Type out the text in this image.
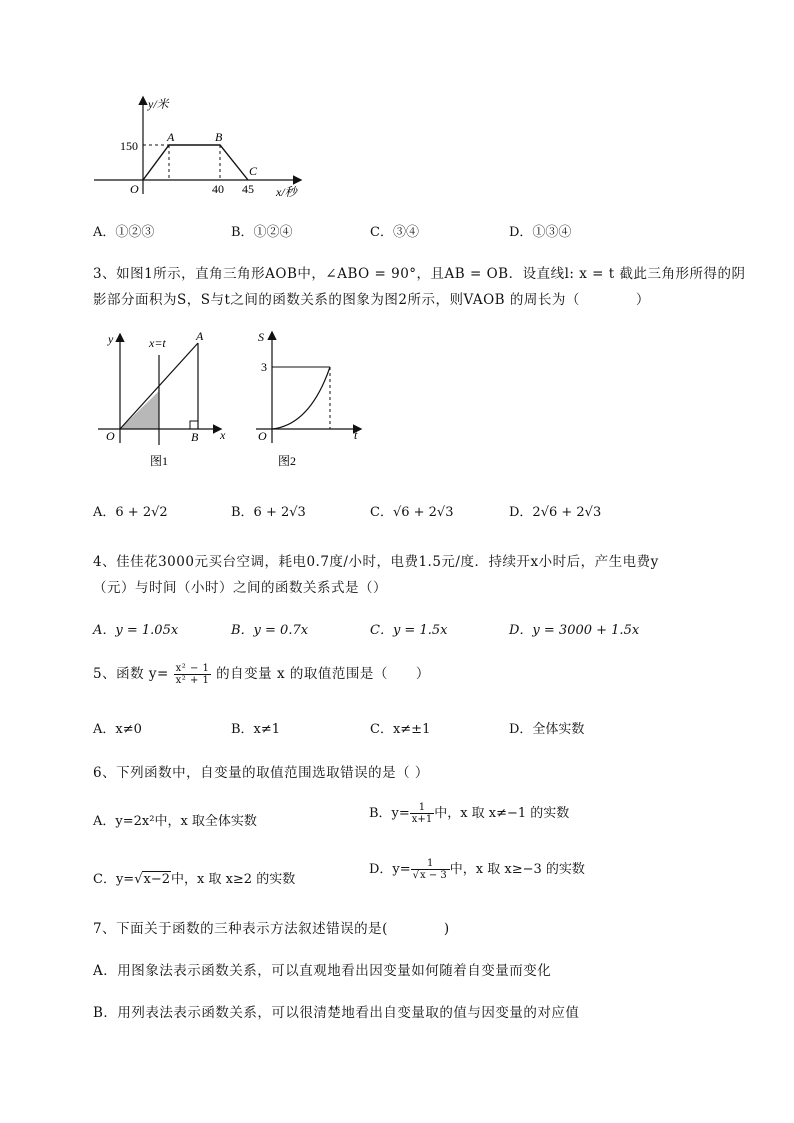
y/米
x/秒
O
A	B
C
150
40 45
A．①②③	B．①②④	C．③④	D．①③④
3、如图1所示，直角三角形AOB中，∠ABO = 90°，且AB = OB．设直线l: x = t 截此三角形所得的阴
影部分面积为S，S与t之间的函数关系的图象为图2所示，则VAOB 的周长为（　　　　）
y
x
O
A
B
x=t
图1
S
t
O
3
图2
A．6 + 2√2	B．6 + 2√3	C．√6 + 2√3	D．2√6 + 2√3
4、佳佳花3000元买台空调，耗电0.7度/小时，电费1.5元/度．持续开x小时后，产生电费y
（元）与时间（小时）之间的函数关系式是（）
A．y = 1.05x	B．y = 0.7x	C．y = 1.5x	D．y = 3000 + 1.5x
5、函数 $y= \frac{\text{x² − 1}}{\text{x² + 1}}$ 的自变量 x 的取值范围是（　　）
A．x≠0	B．x≠1	C．x≠±1	D．全体实数
6、下列函数中，自变量的取值范围选取错误的是（ ）
A．y=2x²中，x 取全体实数
B．$y= \frac{1}{x+1}$ 中，x 取 x≠−1 的实数
C．y=√x−2中，x 取 x≥2 的实数
D．$y= \frac{1}{√x - 3}$ 中，x 取 x≥−3 的实数
7、下面关于函数的三种表示方法叙述错误的是(　　　　)
A．用图象法表示函数关系，可以直观地看出因变量如何随着自变量而变化
B．用列表法表示函数关系，可以很清楚地看出自变量取的值与因变量的对应值
